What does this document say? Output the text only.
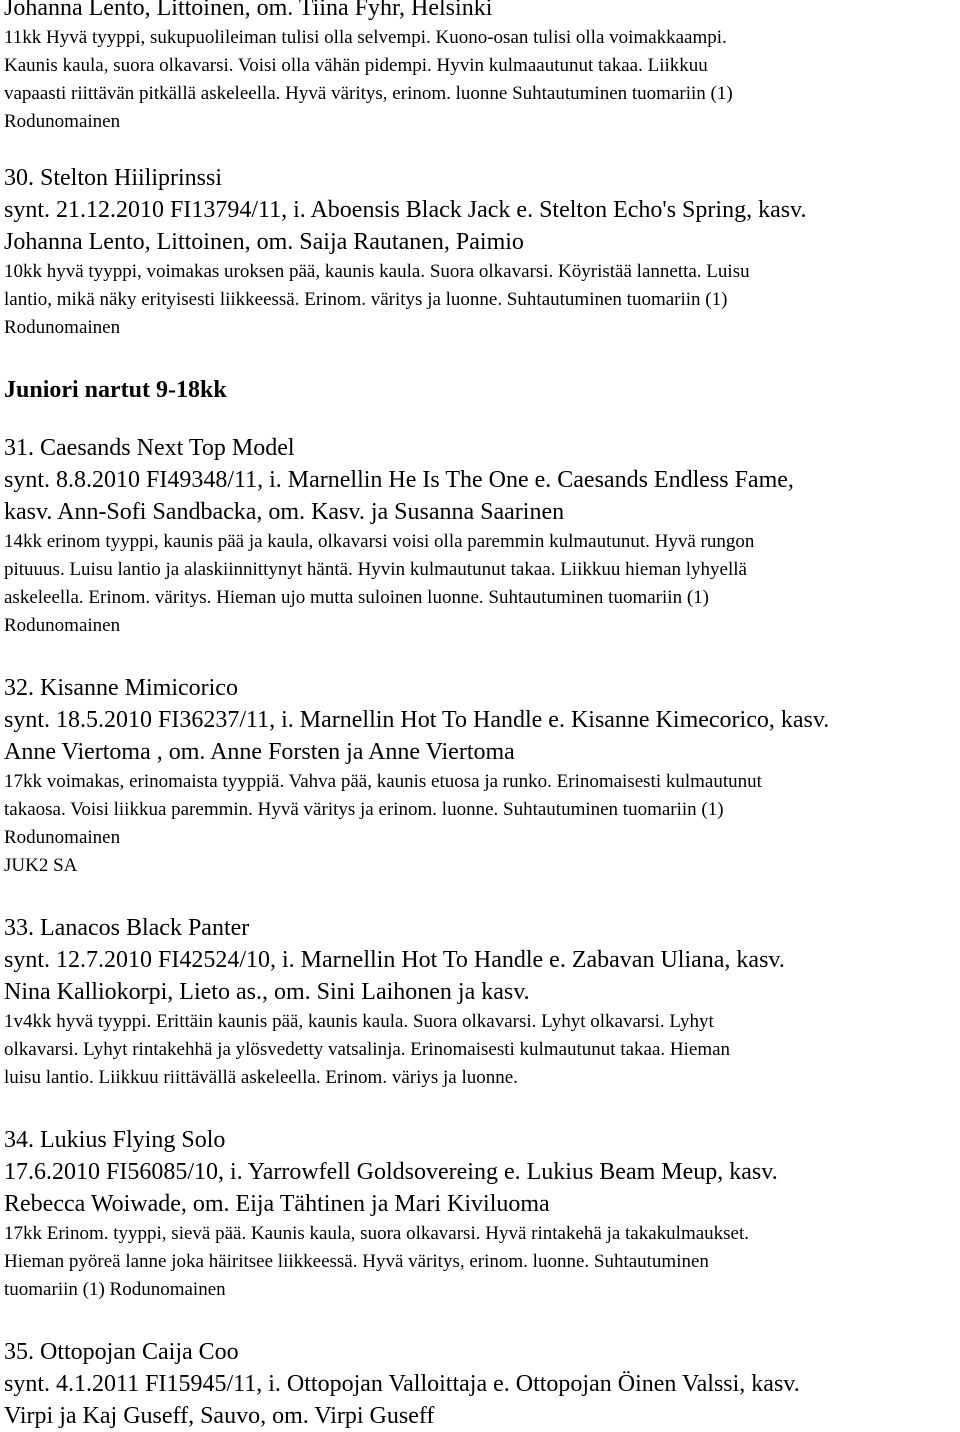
Johanna Lento, Littoinen, om. Tiina Fyhr, Helsinki

11kk Hyvä tyyppi, sukupuolileiman tulisi olla selvempi. Kuono-osan tulisi olla voimakkaampi.

Kaunis kaula, suora olkavarsi. Voisi olla vähän pidempi. Hyvin kulmaautunut takaa. Liikkuu

vapaasti riittävän pitkällä askeleella. Hyvä väritys, erinom. luonne Suhtautuminen tuomariin (1)

Rodunomainen

30. Stelton Hiiliprinssi

synt. 21.12.2010 FI13794/11, i. Aboensis Black Jack e. Stelton Echo's Spring, kasv.

Johanna Lento, Littoinen, om. Saija Rautanen, Paimio

10kk hyvä tyyppi, voimakas uroksen pää, kaunis kaula. Suora olkavarsi. Köyristää lannetta. Luisu

lantio, mikä näky erityisesti liikkeessä. Erinom. väritys ja luonne. Suhtautuminen tuomariin (1)

Rodunomainen

Juniori nartut 9-18kk

31. Caesands Next Top Model

synt. 8.8.2010 FI49348/11, i. Marnellin He Is The One e. Caesands Endless Fame,

kasv. Ann-Sofi Sandbacka, om. Kasv. ja Susanna Saarinen

14kk erinom tyyppi, kaunis pää ja kaula, olkavarsi voisi olla paremmin kulmautunut. Hyvä rungon

pituuus. Luisu lantio ja alaskiinnittynyt häntä. Hyvin kulmautunut takaa. Liikkuu hieman lyhyellä

askeleella. Erinom. väritys. Hieman ujo mutta suloinen luonne. Suhtautuminen tuomariin (1)

Rodunomainen

32. Kisanne Mimicorico

synt. 18.5.2010 FI36237/11, i. Marnellin Hot To Handle e. Kisanne Kimecorico, kasv.

Anne Viertoma , om. Anne Forsten ja Anne Viertoma

17kk voimakas, erinomaista tyyppiä. Vahva pää, kaunis etuosa ja runko. Erinomaisesti kulmautunut

takaosa. Voisi liikkua paremmin. Hyvä väritys ja erinom. luonne. Suhtautuminen tuomariin (1)

Rodunomainen

JUK2 SA

33. Lanacos Black Panter

synt. 12.7.2010 FI42524/10, i. Marnellin Hot To Handle e. Zabavan Uliana, kasv.

Nina Kalliokorpi, Lieto as., om. Sini Laihonen ja kasv.

1v4kk hyvä tyyppi. Erittäin kaunis pää, kaunis kaula. Suora olkavarsi. Lyhyt olkavarsi. Lyhyt

olkavarsi. Lyhyt rintakehhä ja ylösvedetty vatsalinja. Erinomaisesti kulmautunut takaa. Hieman

luisu lantio. Liikkuu riittävällä askeleella. Erinom. väriys ja luonne.

34. Lukius Flying Solo

17.6.2010 FI56085/10, i. Yarrowfell Goldsovereing e. Lukius Beam Meup, kasv.

Rebecca Woiwade, om. Eija Tähtinen ja Mari Kiviluoma

17kk Erinom. tyyppi, sievä pää. Kaunis kaula, suora olkavarsi. Hyvä rintakehä ja takakulmaukset.

Hieman pyöreä lanne joka häiritsee liikkeessä. Hyvä väritys, erinom. luonne. Suhtautuminen

tuomariin (1) Rodunomainen

35. Ottopojan Caija Coo

synt. 4.1.2011 FI15945/11, i. Ottopojan Valloittaja e. Ottopojan Öinen Valssi, kasv.

Virpi ja Kaj Guseff, Sauvo, om. Virpi Guseff
